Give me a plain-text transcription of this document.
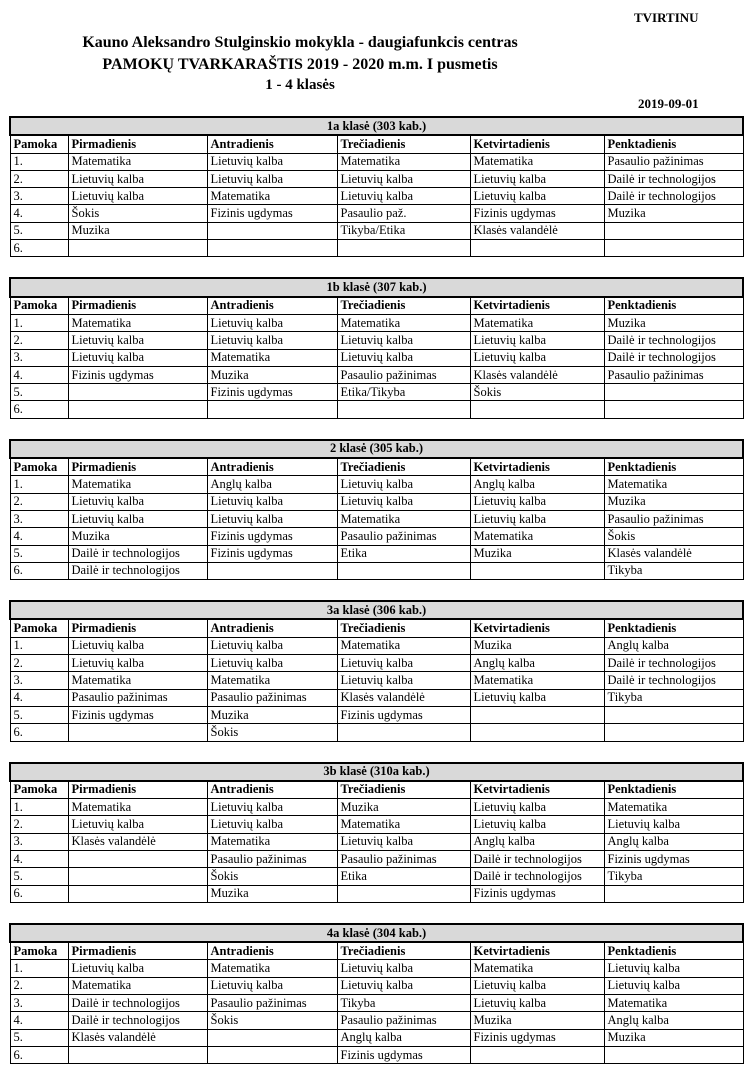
TVIRTINU
Kauno Aleksandro Stulginskio mokykla - daugiafunkcis centras
PAMOKŲ TVARKARAŠTIS 2019 - 2020 m.m. I pusmetis
1 - 4 klasės
2019-09-01
1a klasė (303 kab.)					
Pamoka	Pirmadienis	Antradienis	Trečiadienis	Ketvirtadienis	Penktadienis
1.	Matematika	Lietuvių kalba	Matematika	Matematika	Pasaulio pažinimas
2.	Lietuvių kalba	Lietuvių kalba	Lietuvių kalba	Lietuvių kalba	Dailė ir technologijos
3.	Lietuvių kalba	Matematika	Lietuvių kalba	Lietuvių kalba	Dailė ir technologijos
4.	Šokis	Fizinis ugdymas	Pasaulio paž.	Fizinis ugdymas	Muzika
5.	Muzika		Tikyba/Etika	Klasės valandėlė	
6.					
1b klasė (307 kab.)					
Pamoka	Pirmadienis	Antradienis	Trečiadienis	Ketvirtadienis	Penktadienis
1.	Matematika	Lietuvių kalba	Matematika	Matematika	Muzika
2.	Lietuvių kalba	Lietuvių kalba	Lietuvių kalba	Lietuvių kalba	Dailė ir technologijos
3.	Lietuvių kalba	Matematika	Lietuvių kalba	Lietuvių kalba	Dailė ir technologijos
4.	Fizinis ugdymas	Muzika	Pasaulio pažinimas	Klasės valandėlė	Pasaulio pažinimas
5.		Fizinis ugdymas	Etika/Tikyba	Šokis	
6.					
2 klasė (305 kab.)					
Pamoka	Pirmadienis	Antradienis	Trečiadienis	Ketvirtadienis	Penktadienis
1.	Matematika	Anglų kalba	Lietuvių kalba	Anglų kalba	Matematika
2.	Lietuvių kalba	Lietuvių kalba	Lietuvių kalba	Lietuvių kalba	Muzika
3.	Lietuvių kalba	Lietuvių kalba	Matematika	Lietuvių kalba	Pasaulio pažinimas
4.	Muzika	Fizinis ugdymas	Pasaulio pažinimas	Matematika	Šokis
5.	Dailė ir technologijos	Fizinis ugdymas	Etika	Muzika	Klasės valandėlė
6.	Dailė ir technologijos				Tikyba
3a klasė (306 kab.)					
Pamoka	Pirmadienis	Antradienis	Trečiadienis	Ketvirtadienis	Penktadienis
1.	Lietuvių kalba	Lietuvių kalba	Matematika	Muzika	Anglų kalba
2.	Lietuvių kalba	Lietuvių kalba	Lietuvių kalba	Anglų kalba	Dailė ir technologijos
3.	Matematika	Matematika	Lietuvių kalba	Matematika	Dailė ir technologijos
4.	Pasaulio pažinimas	Pasaulio pažinimas	Klasės valandėlė	Lietuvių kalba	Tikyba
5.	Fizinis ugdymas	Muzika	Fizinis ugdymas		
6.		Šokis			
3b klasė (310a kab.)					
Pamoka	Pirmadienis	Antradienis	Trečiadienis	Ketvirtadienis	Penktadienis
1.	Matematika	Lietuvių kalba	Muzika	Lietuvių kalba	Matematika
2.	Lietuvių kalba	Lietuvių kalba	Matematika	Lietuvių kalba	Lietuvių kalba
3.	Klasės valandėlė	Matematika	Lietuvių kalba	Anglų kalba	Anglų kalba
4.		Pasaulio pažinimas	Pasaulio pažinimas	Dailė ir technologijos	Fizinis ugdymas
5.		Šokis	Etika	Dailė ir technologijos	Tikyba
6.		Muzika		Fizinis ugdymas	
4a klasė (304 kab.)					
Pamoka	Pirmadienis	Antradienis	Trečiadienis	Ketvirtadienis	Penktadienis
1.	Lietuvių kalba	Matematika	Lietuvių kalba	Matematika	Lietuvių kalba
2.	Matematika	Lietuvių kalba	Lietuvių kalba	Lietuvių kalba	Lietuvių kalba
3.	Dailė ir technologijos	Pasaulio pažinimas	Tikyba	Lietuvių kalba	Matematika
4.	Dailė ir technologijos	Šokis	Pasaulio pažinimas	Muzika	Anglų kalba
5.	Klasės valandėlė		Anglų kalba	Fizinis ugdymas	Muzika
6.			Fizinis ugdymas		
